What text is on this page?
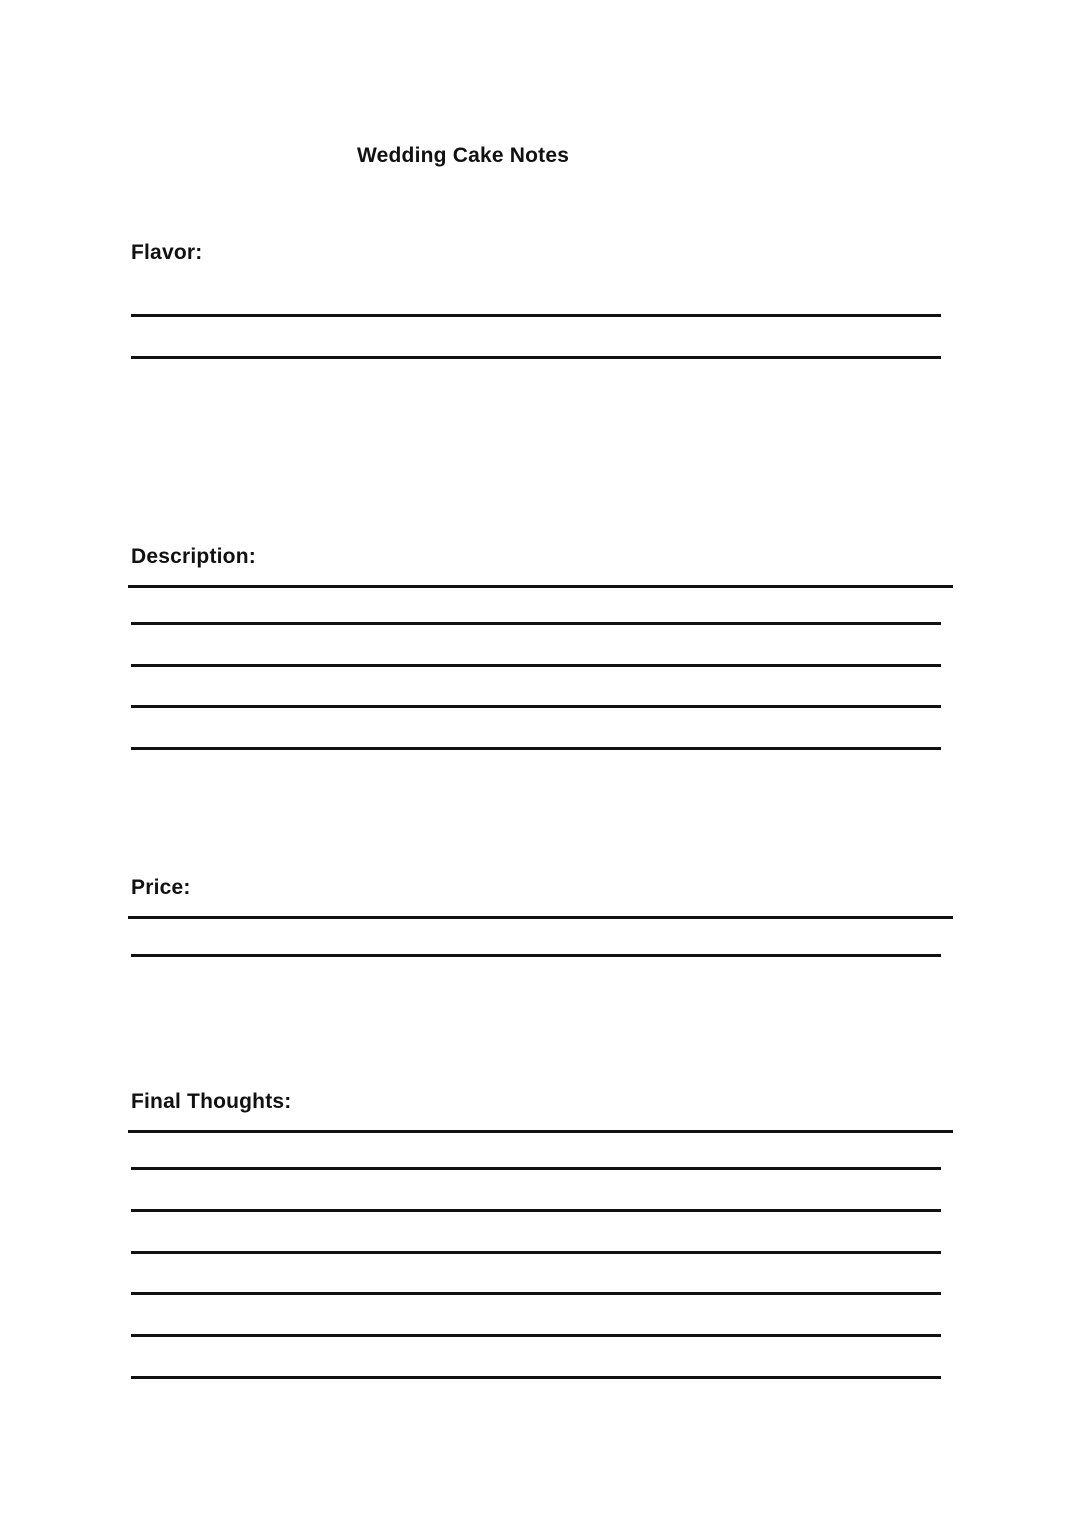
Wedding Cake Notes
Flavor:
Description:
Price:
Final Thoughts:
